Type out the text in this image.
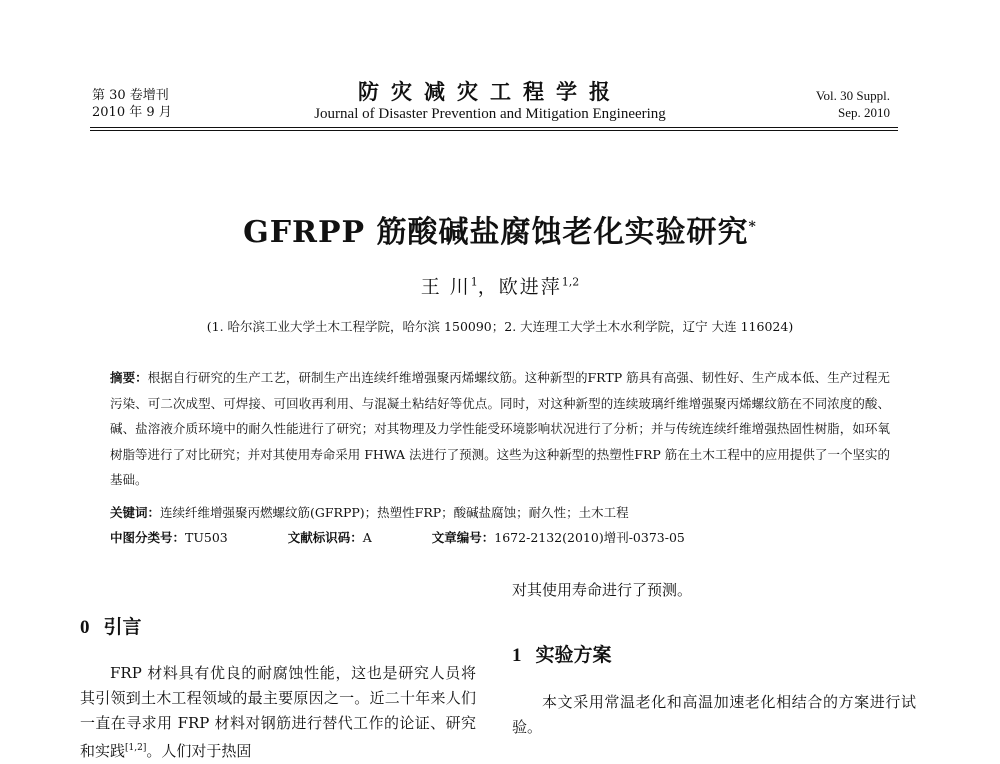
第 30 卷增刊
2010 年 9 月
防灾减灾工程学报
Journal of Disaster Prevention and Mitigation Engineering
Vol. 30 Suppl.
Sep. 2010
GFRPP 筋酸碱盐腐蚀老化实验研究*
王 川$^1$，欧进萍$^{1,2}$
(1. 哈尔滨工业大学土木工程学院，哈尔滨 150090；2. 大连理工大学土木水利学院，辽宁 大连 116024)
摘要：根据自行研究的生产工艺，研制生产出连续纤维增强聚丙烯螺纹筋。这种新型的FRTP 筋具有高强、韧性好、生产成本低、生产过程无污染、可二次成型、可焊接、可回收再利用、与混凝土粘结好等优点。同时，对这种新型的连续玻璃纤维增强聚丙烯螺纹筋在不同浓度的酸、碱、盐溶液介质环境中的耐久性能进行了研究；对其物理及力学性能受环境影响状况进行了分析；并与传统连续纤维增强热固性树脂，如环氧树脂等进行了对比研究；并对其使用寿命采用 FHWA 法进行了预测。这些为这种新型的热塑性FRP 筋在土木工程中的应用提供了一个坚实的基础。
关键词：连续纤维增强聚丙燃螺纹筋(GFRPP)；热塑性FRP；酸碱盐腐蚀；耐久性；土木工程
中图分类号：TU503	文献标识码：A	文章编号：1672-2132(2010)增刊-0373-05
0 引言
FRP 材料具有优良的耐腐蚀性能，这也是研究人员将其引领到土木工程领域的最主要原因之一。近二十年来人们一直在寻求用 FRP 材料对钢筋进行替代工作的论证、研究和实践[1,2]。人们对于热固
对其使用寿命进行了预测。
1 实验方案
本文采用常温老化和高温加速老化相结合的方案进行试验。
